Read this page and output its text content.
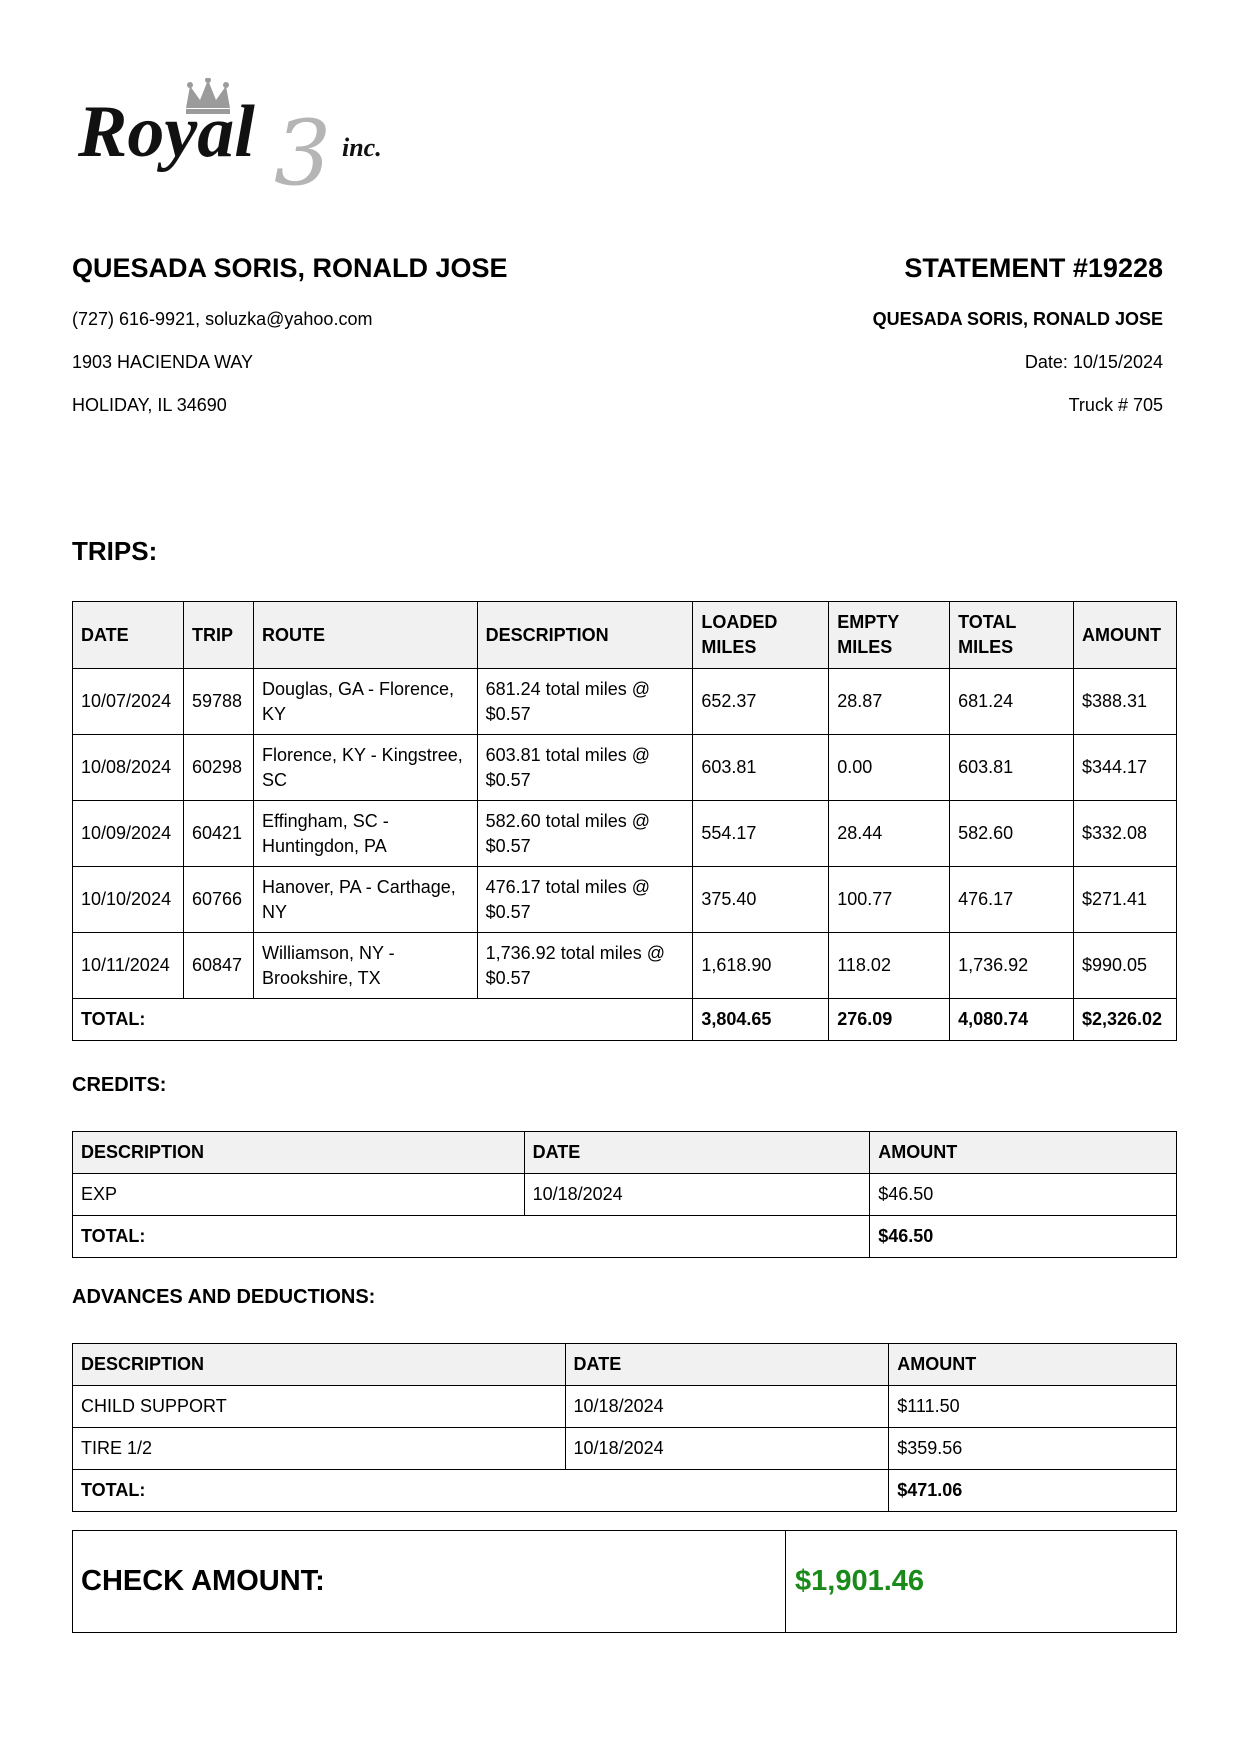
3
Royal	inc.
QUESADA SORIS, RONALD JOSE
(727) 616-9921, soluzka@yahoo.com
1903 HACIENDA WAY
HOLIDAY, IL 34690
STATEMENT #19228
QUESADA SORIS, RONALD JOSE
Date: 10/15/2024
Truck # 705
TRIPS:
DATE	TRIP	ROUTE	DESCRIPTION	LOADED MILES	EMPTY MILES	TOTAL MILES	AMOUNT
10/07/2024	59788	Douglas, GA - Florence, KY	681.24 total miles @ $0.57	652.37	28.87	681.24	$388.31
10/08/2024	60298	Florence, KY - Kingstree, SC	603.81 total miles @ $0.57	603.81	0.00	603.81	$344.17
10/09/2024	60421	Effingham, SC - Huntingdon, PA	582.60 total miles @ $0.57	554.17	28.44	582.60	$332.08
10/10/2024	60766	Hanover, PA - Carthage, NY	476.17 total miles @ $0.57	375.40	100.77	476.17	$271.41
10/11/2024	60847	Williamson, NY - Brookshire, TX	1,736.92 total miles @ $0.57	1,618.90	118.02	1,736.92	$990.05
TOTAL:				3,804.65	276.09	4,080.74	$2,326.02
CREDITS:
DESCRIPTION	DATE	AMOUNT
EXP	10/18/2024	$46.50
TOTAL:		$46.50
ADVANCES AND DEDUCTIONS:
DESCRIPTION	DATE	AMOUNT
CHILD SUPPORT	10/18/2024	$111.50
TIRE 1/2	10/18/2024	$359.56
TOTAL:		$471.06
CHECK AMOUNT:	$1,901.46
